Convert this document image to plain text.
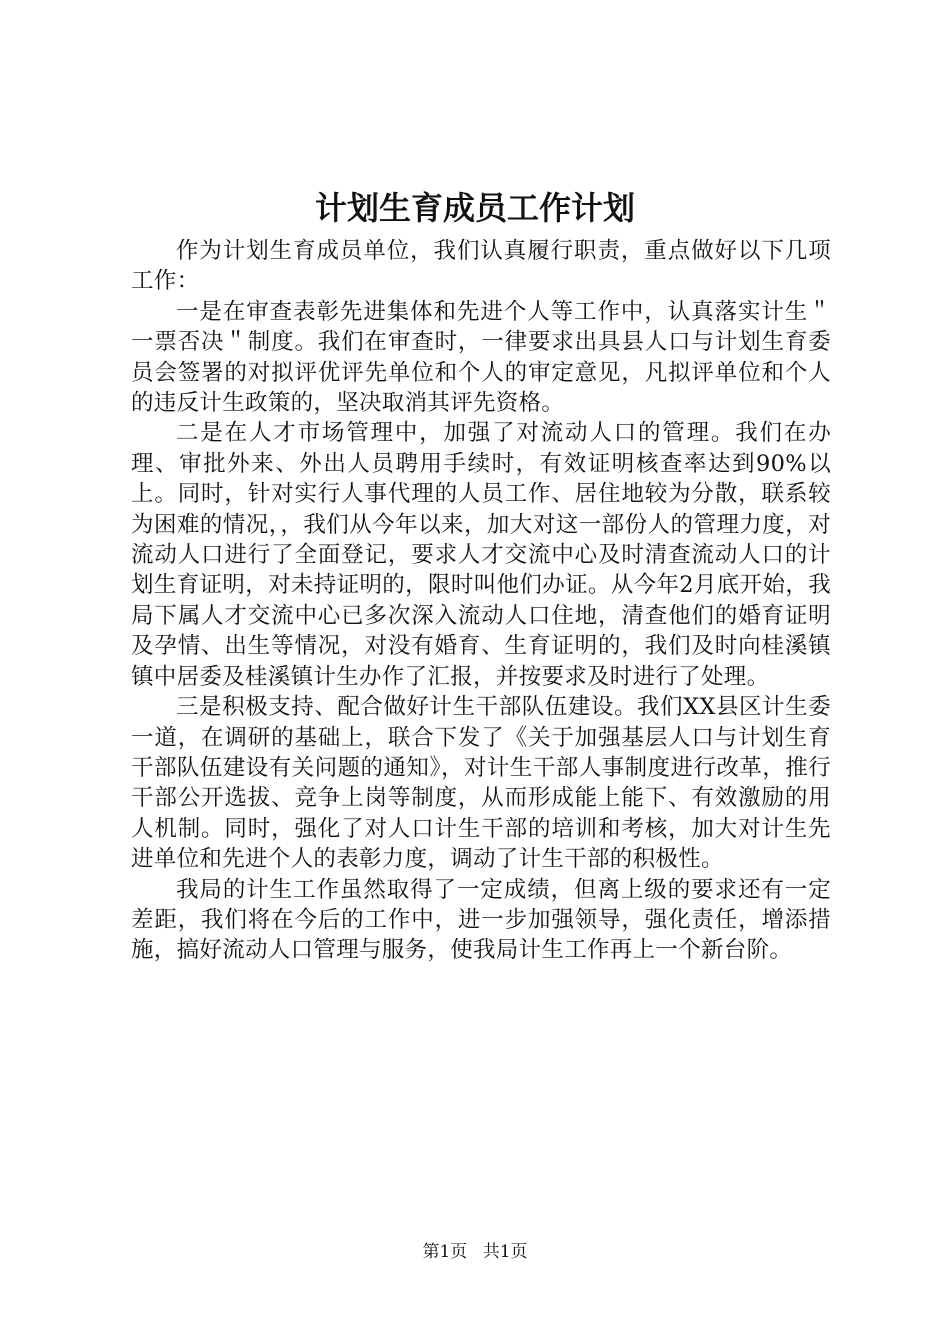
计划生育成员工作计划

作为计划生育成员单位，我们认真履行职责，重点做好以下几项工作：

一是在审查表彰先进集体和先进个人等工作中，认真落实计生＂一票否决＂制度。我们在审查时，一律要求出具县人口与计划生育委员会签署的对拟评优评先单位和个人的审定意见，凡拟评单位和个人的违反计生政策的，坚决取消其评先资格。

二是在人才市场管理中，加强了对流动人口的管理。我们在办理、审批外来、外出人员聘用手续时，有效证明核查率达到90%以上。同时，针对实行人事代理的人员工作、居住地较为分散，联系较为困难的情况，，我们从今年以来，加大对这一部份人的管理力度，对流动人口进行了全面登记，要求人才交流中心及时清查流动人口的计划生育证明，对未持证明的，限时叫他们办证。从今年2月底开始，我局下属人才交流中心已多次深入流动人口住地，清查他们的婚育证明及孕情、出生等情况，对没有婚育、生育证明的，我们及时向桂溪镇镇中居委及桂溪镇计生办作了汇报，并按要求及时进行了处理。

三是积极支持、配合做好计生干部队伍建设。我们XX县区计生委一道，在调研的基础上，联合下发了《关于加强基层人口与计划生育干部队伍建设有关问题的通知》，对计生干部人事制度进行改革，推行干部公开选拔、竞争上岗等制度，从而形成能上能下、有效激励的用人机制。同时，强化了对人口计生干部的培训和考核，加大对计生先进单位和先进个人的表彰力度，调动了计生干部的积极性。

我局的计生工作虽然取得了一定成绩，但离上级的要求还有一定差距，我们将在今后的工作中，进一步加强领导，强化责任，增添措施，搞好流动人口管理与服务，使我局计生工作再上一个新台阶。

第1页 共1页
